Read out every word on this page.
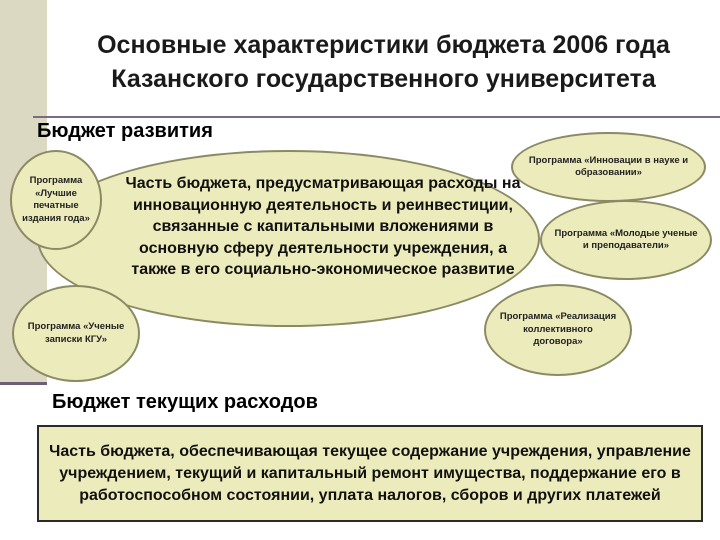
Основные характеристики бюджета 2006 года
Казанского государственного университета
Бюджет развития
Программа «Лучшие печатные издания года»
Программа «Ученые записки КГУ»
Часть бюджета, предусматривающая расходы на инновационную деятельность и реинвестиции, связанные с капитальными вложениями в основную сферу деятельности учреждения, а также в его социально-экономическое развитие
Программа «Инновации в науке и образовании»
Программа «Молодые ученые и преподаватели»
Программа «Реализация коллективного договора»
Бюджет текущих расходов
Часть бюджета, обеспечивающая текущее содержание учреждения, управление учреждением, текущий и капитальный ремонт имущества, поддержание его в работоспособном состоянии, уплата налогов, сборов и других платежей
